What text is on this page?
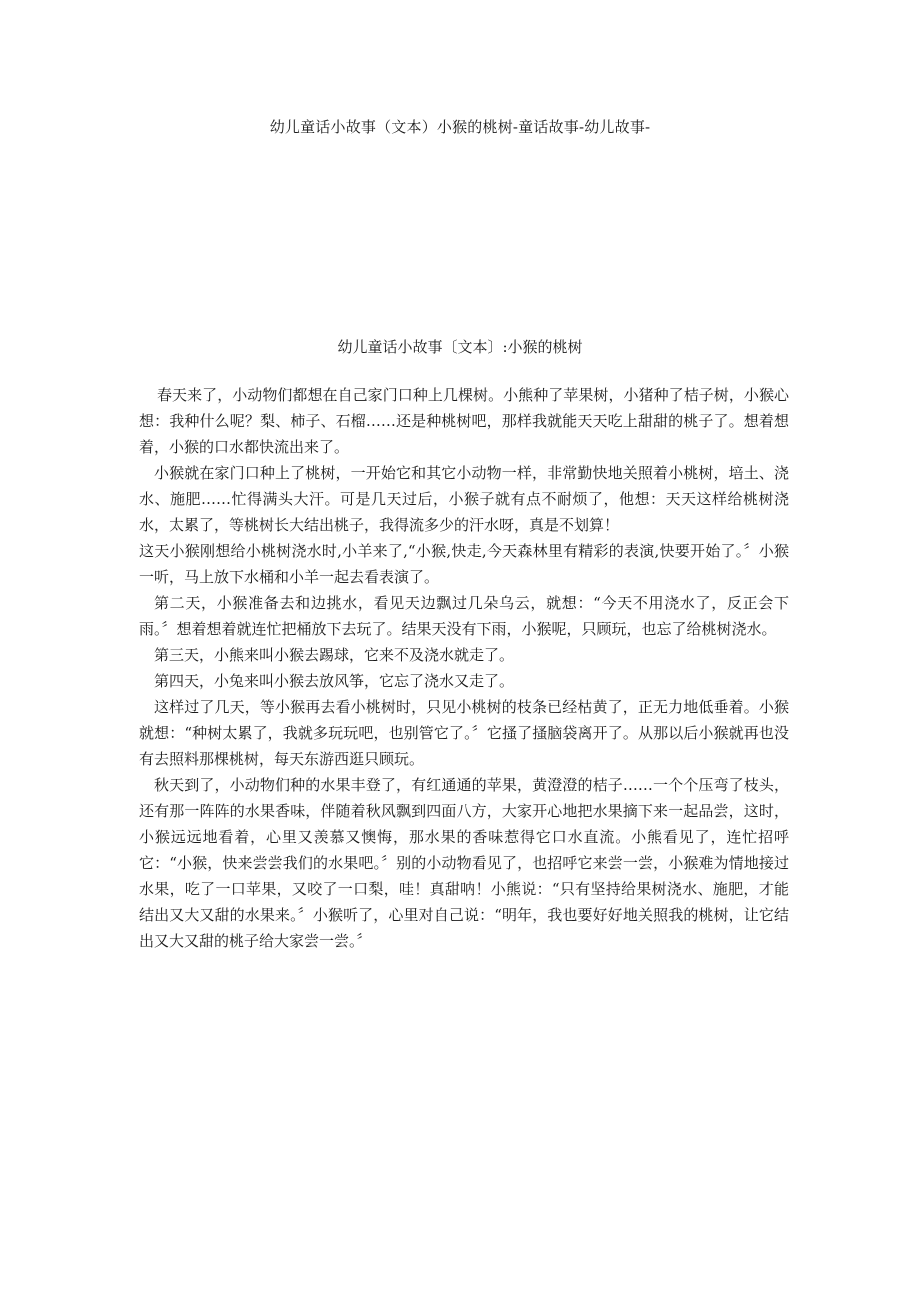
幼儿童话小故事（文本）小猴的桃树-童话故事-幼儿故事-
幼儿童话小故事〔文本〕:小猴的桃树

春天来了，小动物们都想在自己家门口种上几棵树。小熊种了苹果树，小猪种了桔子树，小猴心想：我种什么呢？梨、柿子、石榴……还是种桃树吧，那样我就能天天吃上甜甜的桃子了。想着想着，小猴的口水都快流出来了。

小猴就在家门口种上了桃树，一开始它和其它小动物一样，非常勤快地关照着小桃树，培土、浇水、施肥……忙得满头大汗。可是几天过后，小猴子就有点不耐烦了，他想：天天这样给桃树浇水，太累了，等桃树长大结出桃子，我得流多少的汗水呀，真是不划算！

这天小猴刚想给小桃树浇水时,小羊来了,“小猴,快走,今天森林里有精彩的表演,快要开始了。〞小猴一听，马上放下水桶和小羊一起去看表演了。

第二天，小猴准备去和边挑水，看见天边飘过几朵乌云，就想：“今天不用浇水了，反正会下雨。〞想着想着就连忙把桶放下去玩了。结果天没有下雨，小猴呢，只顾玩，也忘了给桃树浇水。

第三天，小熊来叫小猴去踢球，它来不及浇水就走了。

第四天，小兔来叫小猴去放风筝，它忘了浇水又走了。

这样过了几天，等小猴再去看小桃树时，只见小桃树的枝条已经枯黄了，正无力地低垂着。小猴就想：“种树太累了，我就多玩玩吧，也别管它了。〞它搔了搔脑袋离开了。从那以后小猴就再也没有去照料那棵桃树，每天东游西逛只顾玩。

秋天到了，小动物们种的水果丰登了，有红通通的苹果，黄澄澄的桔子……一个个压弯了枝头，还有那一阵阵的水果香味，伴随着秋风飘到四面八方，大家开心地把水果摘下来一起品尝，这时，小猴远远地看着，心里又羡慕又懊悔，那水果的香味惹得它口水直流。小熊看见了，连忙招呼它：“小猴，快来尝尝我们的水果吧。〞别的小动物看见了，也招呼它来尝一尝，小猴难为情地接过水果，吃了一口苹果，又咬了一口梨，哇！真甜呐！小熊说：“只有坚持给果树浇水、施肥，才能结出又大又甜的水果来。〞小猴听了，心里对自己说：“明年，我也要好好地关照我的桃树，让它结出又大又甜的桃子给大家尝一尝。〞
